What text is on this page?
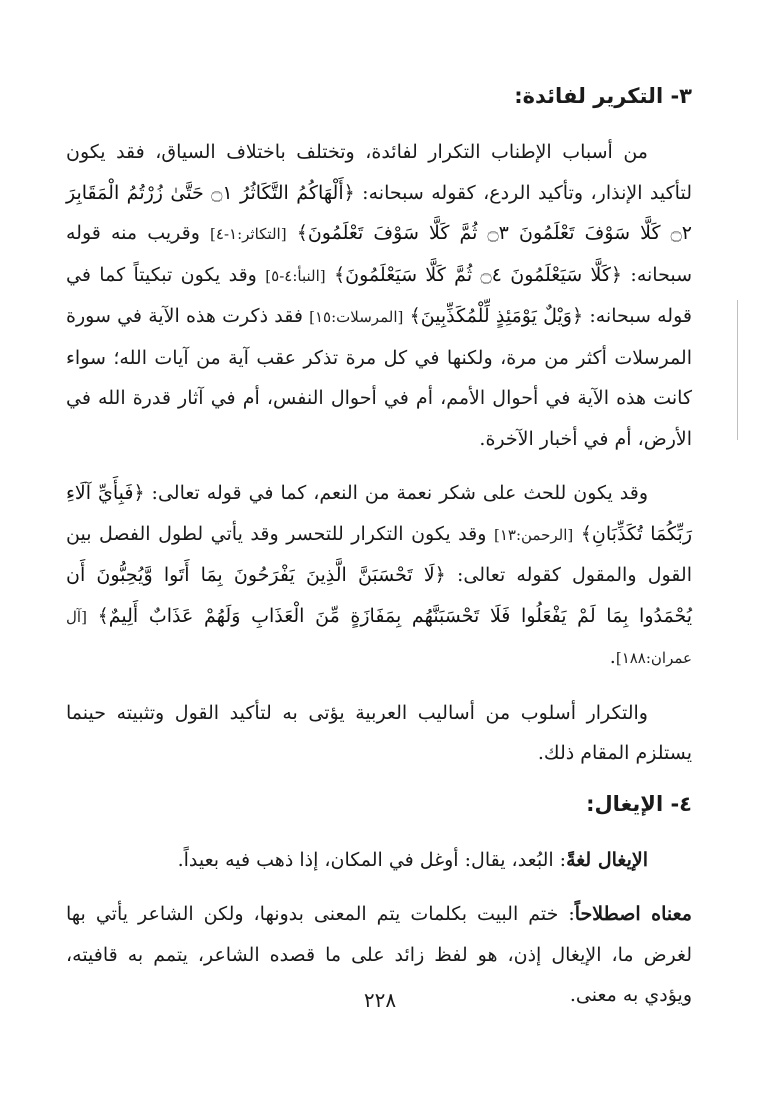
٣- التكرير لفائدة:

من أسباب الإطناب التكرار لفائدة، وتختلف باختلاف السياق، فقد يكون لتأكيد الإنذار، وتأكيد الردع، كقوله سبحانه: ﴿أَلْهَاكُمُ التَّكَاثُرُ ۝١ حَتَّىٰ زُرْتُمُ الْمَقَابِرَ ۝٢ كَلَّا سَوْفَ تَعْلَمُونَ ۝٣ ثُمَّ كَلَّا سَوْفَ تَعْلَمُونَ﴾ [التكاثر:١-٤] وقريب منه قوله سبحانه: ﴿كَلَّا سَيَعْلَمُونَ ۝٤ ثُمَّ كَلَّا سَيَعْلَمُونَ﴾ [النبأ:٤-٥] وقد يكون تبكيتاً كما في قوله سبحانه: ﴿وَيْلٌ يَوْمَئِذٍ لِّلْمُكَذِّبِينَ﴾ [المرسلات:١٥] فقد ذكرت هذه الآية في سورة المرسلات أكثر من مرة، ولكنها في كل مرة تذكر عقب آية من آيات الله؛ سواء كانت هذه الآية في أحوال الأمم، أم في أحوال النفس، أم في آثار قدرة الله في الأرض، أم في أخبار الآخرة.

وقد يكون للحث على شكر نعمة من النعم، كما في قوله تعالى: ﴿فَبِأَيِّ آلَاءِ رَبِّكُمَا تُكَذِّبَانِ﴾ [الرحمن:١٣] وقد يكون التكرار للتحسر وقد يأتي لطول الفصل بين القول والمقول كقوله تعالى: ﴿لَا تَحْسَبَنَّ الَّذِينَ يَفْرَحُونَ بِمَا أَتَوا وَّيُحِبُّونَ أَن يُحْمَدُوا بِمَا لَمْ يَفْعَلُوا فَلَا تَحْسَبَنَّهُم بِمَفَازَةٍ مِّنَ الْعَذَابِ وَلَهُمْ عَذَابٌ أَلِيمٌ﴾ [آل عمران:١٨٨].

والتكرار أسلوب من أساليب العربية يؤتى به لتأكيد القول وتثبيته حينما يستلزم المقام ذلك.

٤- الإيغال:

الإيغال لغةً: البُعد، يقال: أوغل في المكان، إذا ذهب فيه بعيداً.

معناه اصطلاحاً: ختم البيت بكلمات يتم المعنى بدونها، ولكن الشاعر يأتي بها لغرض ما، الإيغال إذن، هو لفظ زائد على ما قصده الشاعر، يتمم به قافيته، ويؤدي به معنى.

٢٢٨
